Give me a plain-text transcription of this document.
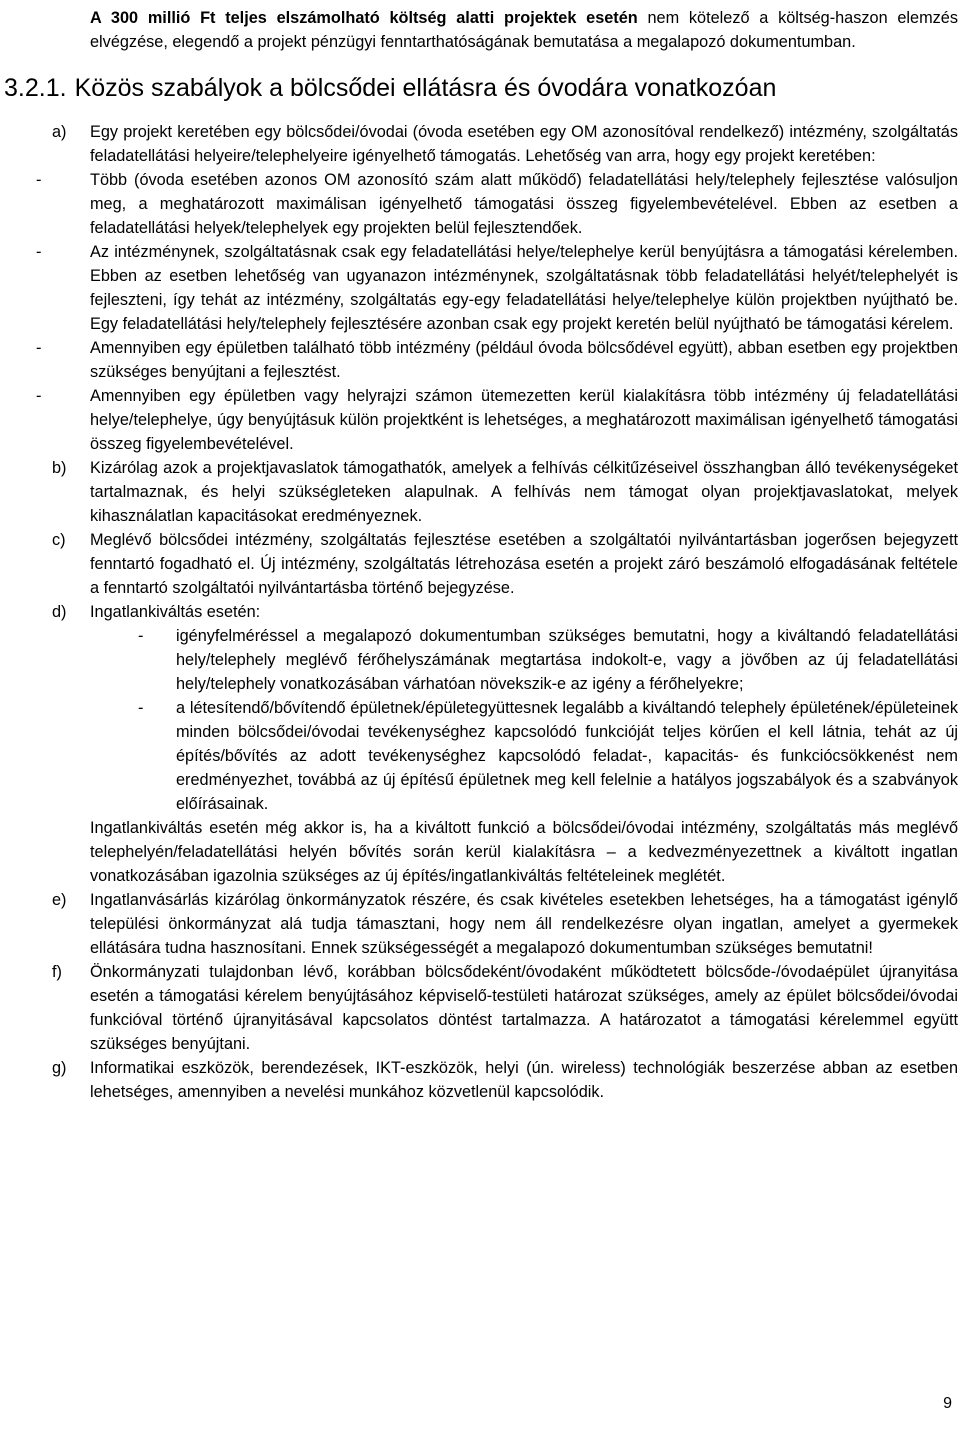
A 300 millió Ft teljes elszámolható költség alatti projektek esetén nem kötelező a költség-haszon elemzés elvégzése, elegendő a projekt pénzügyi fenntarthatóságának bemutatása a megalapozó dokumentumban.

3.2.1. Közös szabályok a bölcsődei ellátásra és óvodára vonatkozóan
a) Egy projekt keretében egy bölcsődei/óvodai (óvoda esetében egy OM azonosítóval rendelkező) intézmény, szolgáltatás feladatellátási helyeire/telephelyeire igényelhető támogatás. Lehetőség van arra, hogy egy projekt keretében:

-	Több (óvoda esetében azonos OM azonosító szám alatt működő) feladatellátási hely/telephely fejlesztése valósuljon meg, a meghatározott maximálisan igényelhető támogatási összeg figyelembevételével. Ebben az esetben a feladatellátási helyek/telephelyek egy projekten belül fejlesztendőek.

-	Az intézménynek, szolgáltatásnak csak egy feladatellátási helye/telephelye kerül benyújtásra a támogatási kérelemben. Ebben az esetben lehetőség van ugyanazon intézménynek, szolgáltatásnak több feladatellátási helyét/telephelyét is fejleszteni, így tehát az intézmény, szolgáltatás egy-egy feladatellátási helye/telephelye külön projektben nyújtható be. Egy feladatellátási hely/telephely fejlesztésére azonban csak egy projekt keretén belül nyújtható be támogatási kérelem.

-	Amennyiben egy épületben található több intézmény (például óvoda bölcsődével együtt), abban esetben egy projektben szükséges benyújtani a fejlesztést.

-	Amennyiben egy épületben vagy helyrajzi számon ütemezetten kerül kialakításra több intézmény új feladatellátási helye/telephelye, úgy benyújtásuk külön projektként is lehetséges, a meghatározott maximálisan igényelhető támogatási összeg figyelembevételével.

b) Kizárólag azok a projektjavaslatok támogathatók, amelyek a felhívás célkitűzéseivel összhangban álló tevékenységeket tartalmaznak, és helyi szükségleteken alapulnak. A felhívás nem támogat olyan projektjavaslatokat, melyek kihasználatlan kapacitásokat eredményeznek.

c) Meglévő bölcsődei intézmény, szolgáltatás fejlesztése esetében a szolgáltatói nyilvántartásban jogerősen bejegyzett fenntartó fogadható el. Új intézmény, szolgáltatás létrehozása esetén a projekt záró beszámoló elfogadásának feltétele a fenntartó szolgáltatói nyilvántartásba történő bejegyzése.

d) Ingatlankiváltás esetén:

- igényfelméréssel a megalapozó dokumentumban szükséges bemutatni, hogy a kiváltandó feladatellátási hely/telephely meglévő férőhelyszámának megtartása indokolt-e, vagy a jövőben az új feladatellátási hely/telephely vonatkozásában várhatóan növekszik-e az igény a férőhelyekre;

- a létesítendő/bővítendő épületnek/épületegyüttesnek legalább a kiváltandó telephely épületének/épületeinek minden bölcsődei/óvodai tevékenységhez kapcsolódó funkcióját teljes körűen el kell látnia, tehát az új építés/bővítés az adott tevékenységhez kapcsolódó feladat-, kapacitás- és funkciócsökkenést nem eredményezhet, továbbá az új építésű épületnek meg kell felelnie a hatályos jogszabályok és a szabványok előírásainak.

Ingatlankiváltás esetén még akkor is, ha a kiváltott funkció a bölcsődei/óvodai intézmény, szolgáltatás más meglévő telephelyén/feladatellátási helyén bővítés során kerül kialakításra – a kedvezményezettnek a kiváltott ingatlan vonatkozásában igazolnia szükséges az új építés/ingatlankiváltás feltételeinek meglétét.

e) Ingatlanvásárlás kizárólag önkormányzatok részére, és csak kivételes esetekben lehetséges, ha a támogatást igénylő települési önkormányzat alá tudja támasztani, hogy nem áll rendelkezésre olyan ingatlan, amelyet a gyermekek ellátására tudna hasznosítani. Ennek szükségességét a megalapozó dokumentumban szükséges bemutatni!

f) Önkormányzati tulajdonban lévő, korábban bölcsődeként/óvodaként működtetett bölcsőde-/óvodaépület újranyitása esetén a támogatási kérelem benyújtásához képviselő-testületi határozat szükséges, amely az épület bölcsődei/óvodai funkcióval történő újranyitásával kapcsolatos döntést tartalmazza. A határozatot a támogatási kérelemmel együtt szükséges benyújtani.

g) Informatikai eszközök, berendezések, IKT-eszközök, helyi (ún. wireless) technológiák beszerzése abban az esetben lehetséges, amennyiben a nevelési munkához közvetlenül kapcsolódik.

9
